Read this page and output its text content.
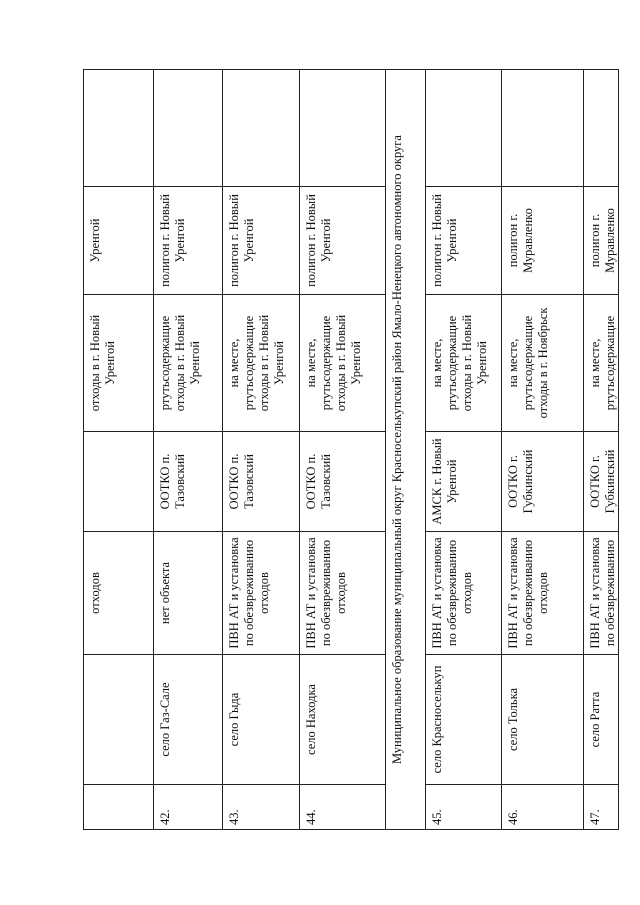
		отходов		отходы в г. Новый Уренгой	Уренгой	
42.	село Газ-Сале	нет объекта	ООТКО п. Тазовский	ртутьсодержащие отходы в г. Новый Уренгой	полигон г. Новый Уренгой	
43.	село Гыда	ПВН АТ и установка по обезвреживанию отходов	ООТКО п. Тазовский	на месте, ртутьсодержащие отходы в г. Новый Уренгой	полигон г. Новый Уренгой	
44.	село Находка	ПВН АТ и установка по обезвреживанию отходов	ООТКО п. Тазовский	на месте, ртутьсодержащие отходы в г. Новый Уренгой	полигон г. Новый Уренгой	
Муниципальное образование муниципальный округ Красноселькупский район Ямало-Ненецкого автономного округа						
45.	село Красноселькуп	ПВН АТ и установка по обезвреживанию отходов	АМСК г. Новый Уренгой	на месте, ртутьсодержащие отходы в г. Новый Уренгой	полигон г. Новый Уренгой	
46.	село Толька	ПВН АТ и установка по обезвреживанию отходов	ООТКО г. Губкинский	на месте, ртутьсодержащие отходы в г. Ноябрьск	полигон г. Муравленко	
47.	село Ратта	ПВН АТ и установка по обезвреживанию	ООТКО г. Губкинский	на месте, ртутьсодержащие	полигон г. Муравленко	
